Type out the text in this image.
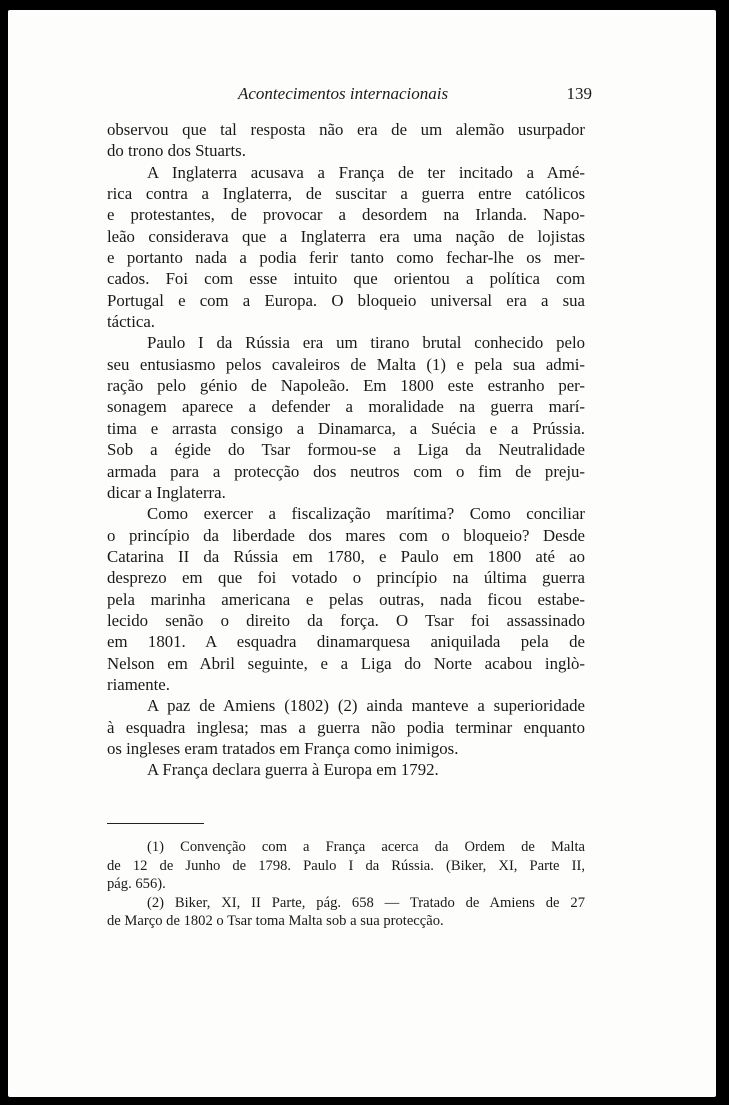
Acontecimentos internacionais	139

observou que tal resposta não era de um alemão usurpador
do trono dos Stuarts.

A Inglaterra acusava a França de ter incitado a Amé-
rica contra a Inglaterra, de suscitar a guerra entre católicos
e protestantes, de provocar a desordem na Irlanda. Napo-
leão considerava que a Inglaterra era uma nação de lojistas
e portanto nada a podia ferir tanto como fechar-lhe os mer-
cados. Foi com esse intuito que orientou a política com
Portugal e com a Europa. O bloqueio universal era a sua
táctica.

Paulo I da Rússia era um tirano brutal conhecido pelo
seu entusiasmo pelos cavaleiros de Malta (1) e pela sua admi-
ração pelo génio de Napoleão. Em 1800 este estranho per-
sonagem aparece a defender a moralidade na guerra marí-
tima e arrasta consigo a Dinamarca, a Suécia e a Prússia.
Sob a égide do Tsar formou-se a Liga da Neutralidade
armada para a protecção dos neutros com o fim de preju-
dicar a Inglaterra.

Como exercer a fiscalização marítima? Como conciliar
o princípio da liberdade dos mares com o bloqueio? Desde
Catarina II da Rússia em 1780, e Paulo em 1800 até ao
desprezo em que foi votado o princípio na última guerra
pela marinha americana e pelas outras, nada ficou estabe-
lecido senão o direito da força. O Tsar foi assassinado
em 1801. A esquadra dinamarquesa aniquilada pela de
Nelson em Abril seguinte, e a Liga do Norte acabou inglò-
riamente.

A paz de Amiens (1802) (2) ainda manteve a superioridade
à esquadra inglesa; mas a guerra não podia terminar enquanto
os ingleses eram tratados em França como inimigos.

A França declara guerra à Europa em 1792.

(1) Convenção com a França acerca da Ordem de Malta
de 12 de Junho de 1798. Paulo I da Rússia. (Biker, XI, Parte II,
pág. 656).

(2) Biker, XI, II Parte, pág. 658 — Tratado de Amiens de 27
de Março de 1802 o Tsar toma Malta sob a sua protecção.
